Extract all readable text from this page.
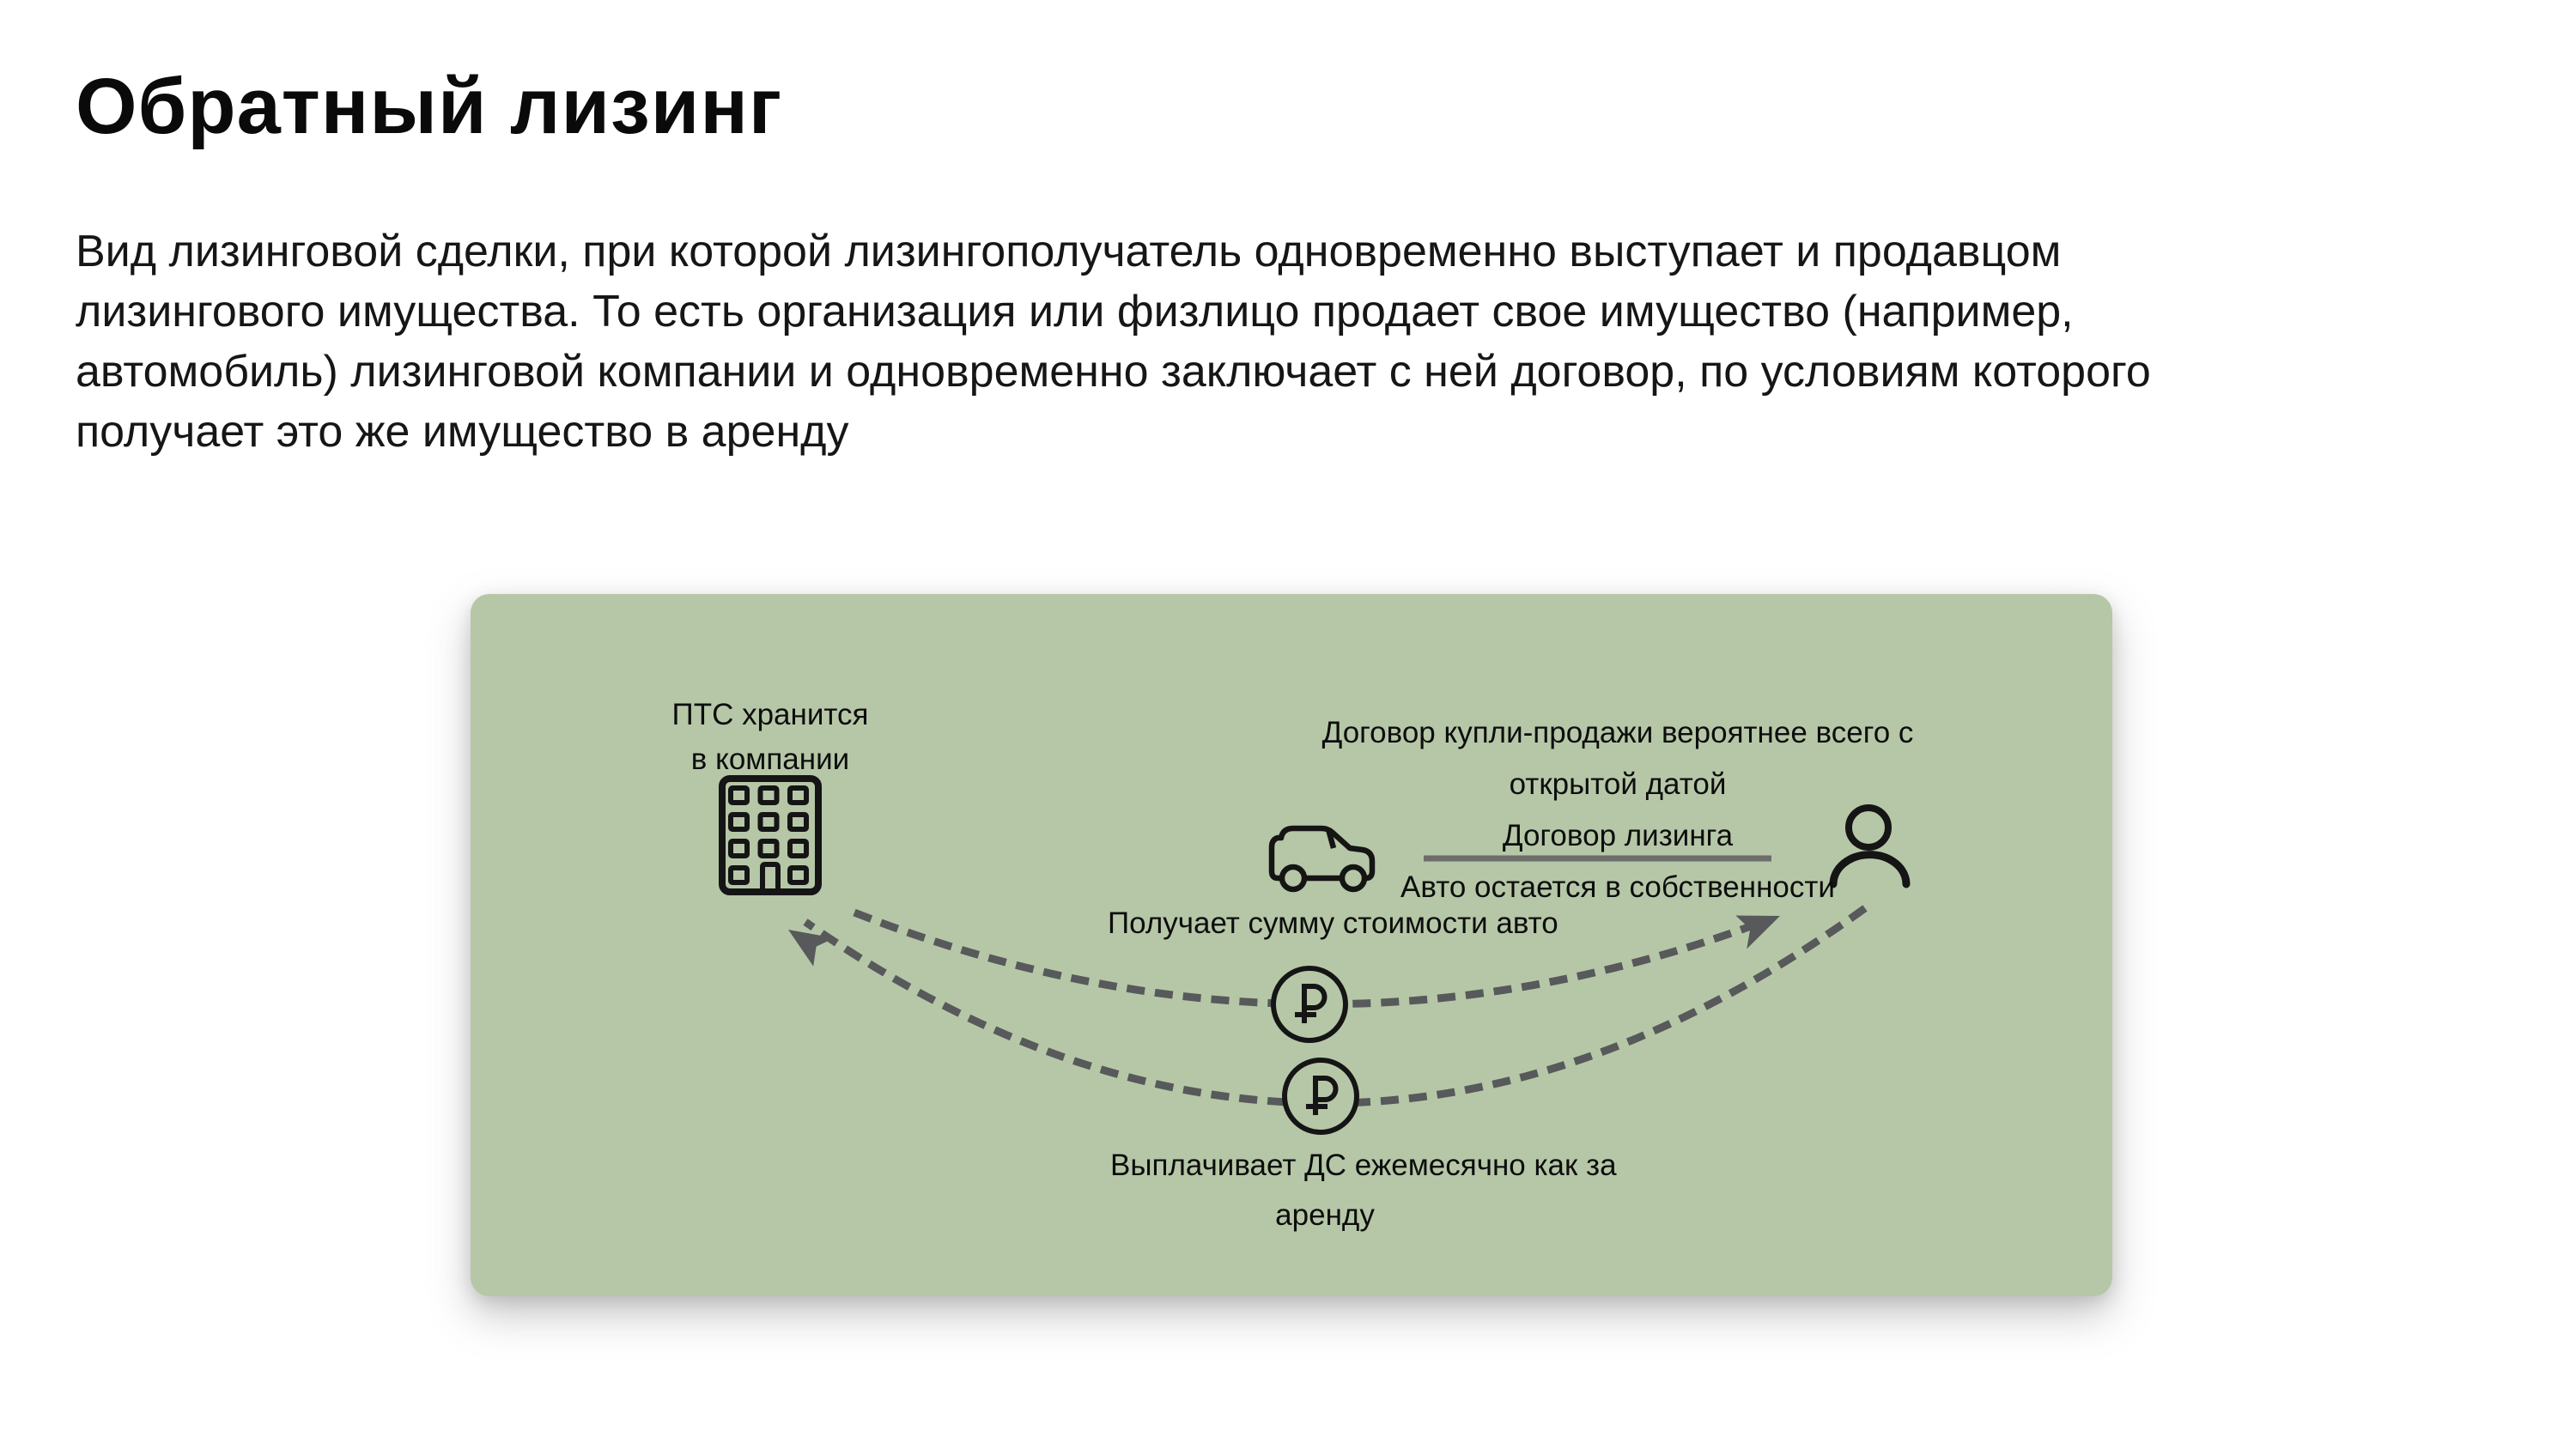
Обратный лизинг
Вид лизинговой сделки, при которой лизингополучатель одновременно выступает и продавцом
лизингового имущества. То есть организация или физлицо продает свое имущество (например,
автомобиль) лизинговой компании и одновременно заключает с ней договор, по условиям которого
получает это же имущество в аренду
ПТС хранится
в компании
Договор купли-продажи вероятнее всего с
открытой датой
Договор лизинга
Авто остается в собственности
Получает сумму стоимости авто
Выплачивает ДС ежемесячно как за
аренду
